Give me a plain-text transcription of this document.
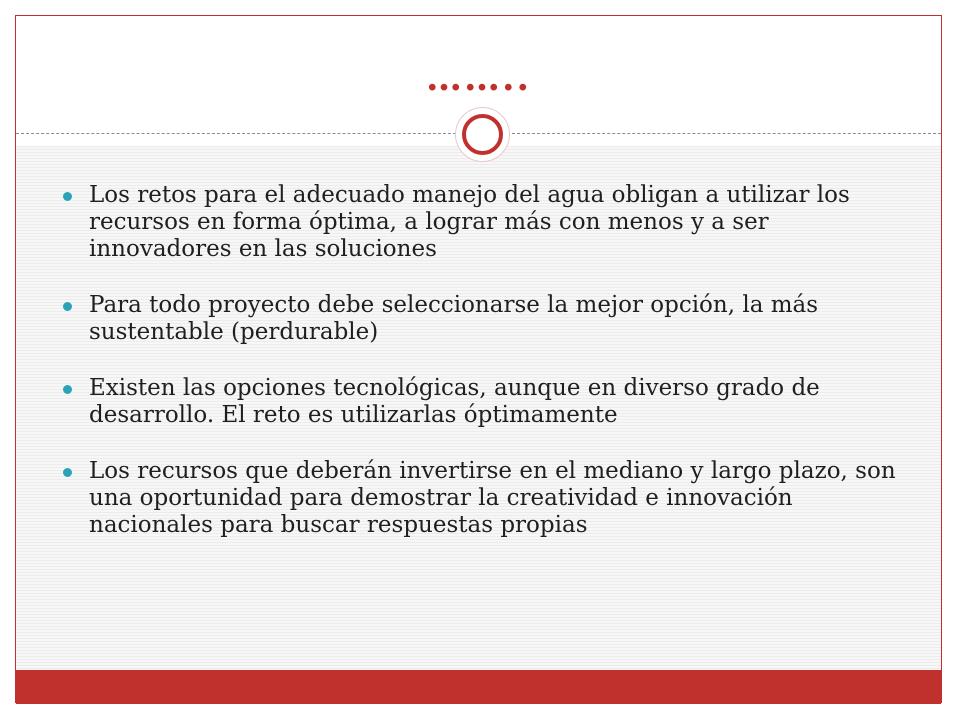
……..
Los retos para el adecuado manejo del agua obligan a utilizar los recursos en forma óptima, a lograr más con menos y a ser innovadores en las soluciones
Para todo proyecto debe seleccionarse la mejor opción, la más sustentable (perdurable)
Existen las opciones tecnológicas, aunque en diverso grado de desarrollo. El reto es utilizarlas óptimamente
Los recursos que deberán invertirse en el mediano y largo plazo, son una oportunidad para demostrar la creatividad e innovación nacionales para buscar respuestas propias
